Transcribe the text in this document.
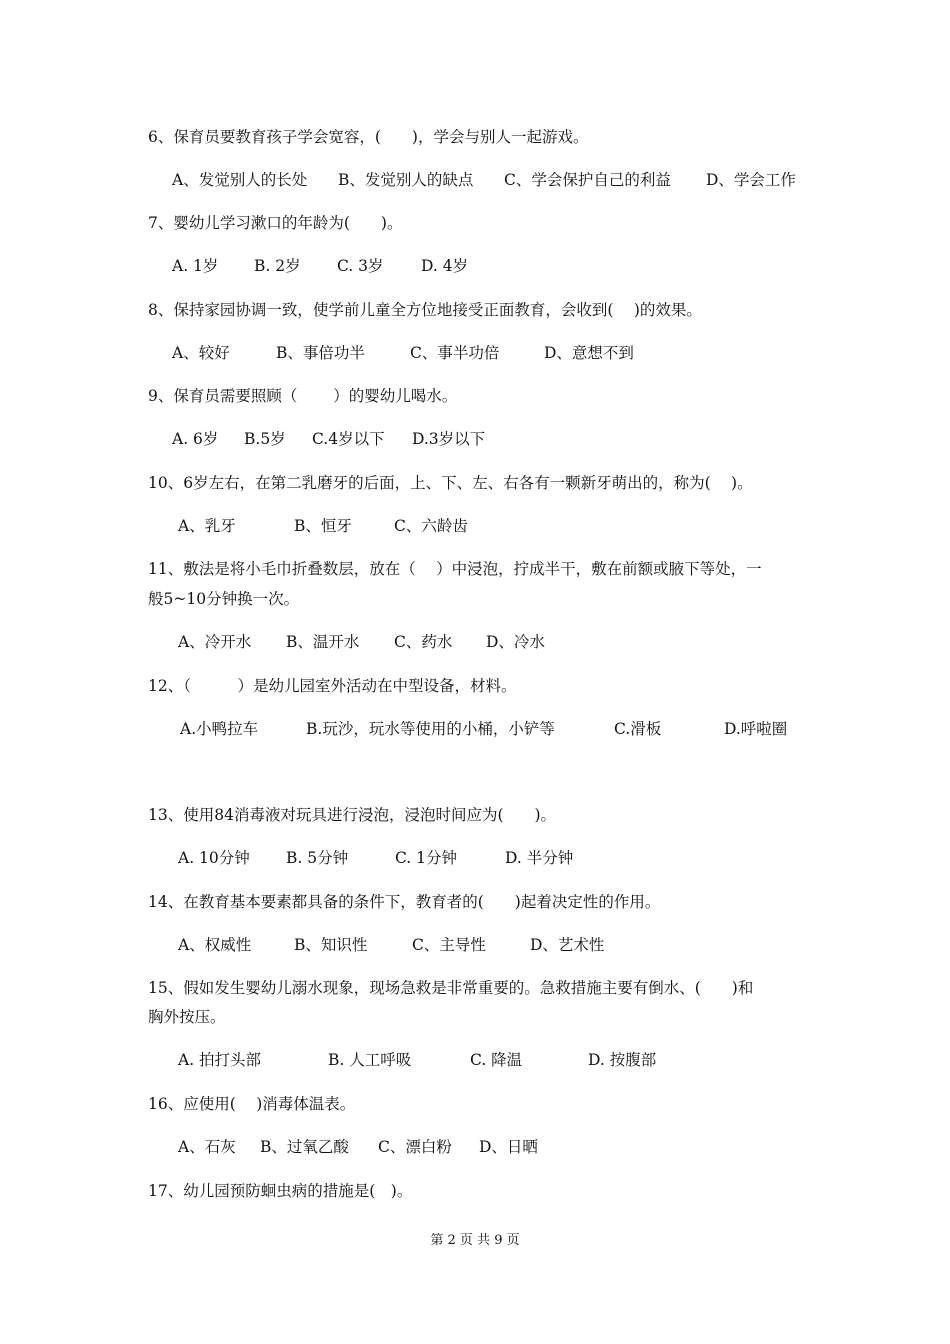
6、保育员要教育孩子学会宽容，(　　)，学会与别人一起游戏。
A、发觉别人的长处 B、发觉别人的缺点 C、学会保护自己的利益 D、学会工作
7、婴幼儿学习漱口的年龄为(　　)。
A. 1岁 B. 2岁 C. 3岁 D. 4岁
8、保持家园协调一致，使学前儿童全方位地接受正面教育，会收到(　 )的效果。
A、较好	B、事倍功半	C、事半功倍	D、意想不到
9、保育员需要照顾（　　 ）的婴幼儿喝水。
A. 6岁 B.5岁 C.4岁以下 D.3岁以下
10、6岁左右，在第二乳磨牙的后面，上、下、左、右各有一颗新牙萌出的，称为(　 )。
A、乳牙	B、恒牙	C、六龄齿
11、敷法是将小毛巾折叠数层，放在（　 ）中浸泡，拧成半干，敷在前额或腋下等处，一
般5~10分钟换一次。
A、冷开水 B、温开水 C、药水 D、冷水
12、（　　　）是幼儿园室外活动在中型设备，材料。
A.小鸭拉车	B.玩沙，玩水等使用的小桶，小铲等	C.滑板	D.呼啦圈
13、使用84消毒液对玩具进行浸泡，浸泡时间应为(　　)。
A. 10分钟 B. 5分钟	C. 1分钟	D. 半分钟
14、在教育基本要素都具备的条件下，教育者的(　　)起着决定性的作用。
A、权威性	B、知识性	C、主导性	D、艺术性
15、假如发生婴幼儿溺水现象，现场急救是非常重要的。急救措施主要有倒水、(　　)和
胸外按压。
A. 拍打头部	B. 人工呼吸	C. 降温	D. 按腹部
16、应使用(　 )消毒体温表。
A、石灰 B、过氧乙酸 C、漂白粉 D、日晒
17、幼儿园预防蛔虫病的措施是(　)。
第 2 页 共 9 页
